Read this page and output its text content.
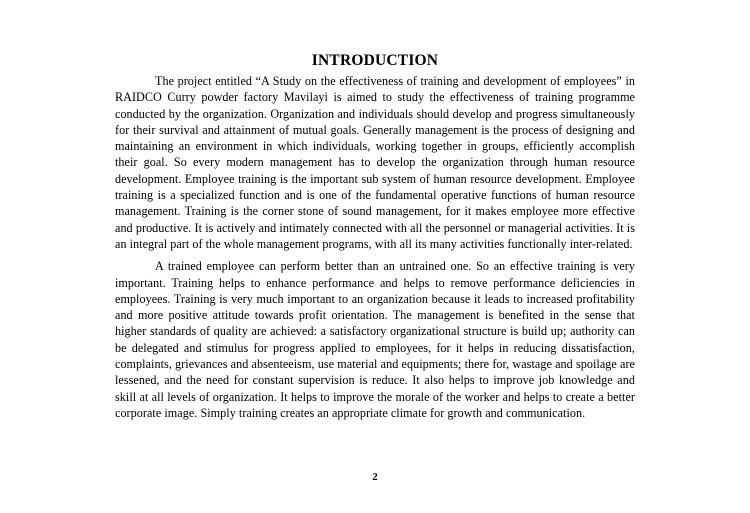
INTRODUCTION

The project entitled “A Study on the effectiveness of training and development of employees” in RAIDCO Curry powder factory Mavilayi is aimed to study the effectiveness of training programme conducted by the organization. Organization and individuals should develop and progress simultaneously for their survival and attainment of mutual goals. Generally management is the process of designing and maintaining an environment in which individuals, working together in groups, efficiently accomplish their goal. So every modern management has to develop the organization through human resource development. Employee training is the important sub system of human resource development. Employee training is a specialized function and is one of the fundamental operative functions of human resource management. Training is the corner stone of sound management, for it makes employee more effective and productive. It is actively and intimately connected with all the personnel or managerial activities. It is an integral part of the whole management programs, with all its many activities functionally inter-related.

A trained employee can perform better than an untrained one. So an effective training is very important. Training helps to enhance performance and helps to remove performance deficiencies in employees. Training is very much important to an organization because it leads to increased profitability and more positive attitude towards profit orientation. The management is benefited in the sense that higher standards of quality are achieved: a satisfactory organizational structure is build up; authority can be delegated and stimulus for progress applied to employees, for it helps in reducing dissatisfaction, complaints, grievances and absenteeism, use material and equipments; there for, wastage and spoilage are lessened, and the need for constant supervision is reduce. It also helps to improve job knowledge and skill at all levels of organization. It helps to improve the morale of the worker and helps to create a better corporate image. Simply training creates an appropriate climate for growth and communication.

2
